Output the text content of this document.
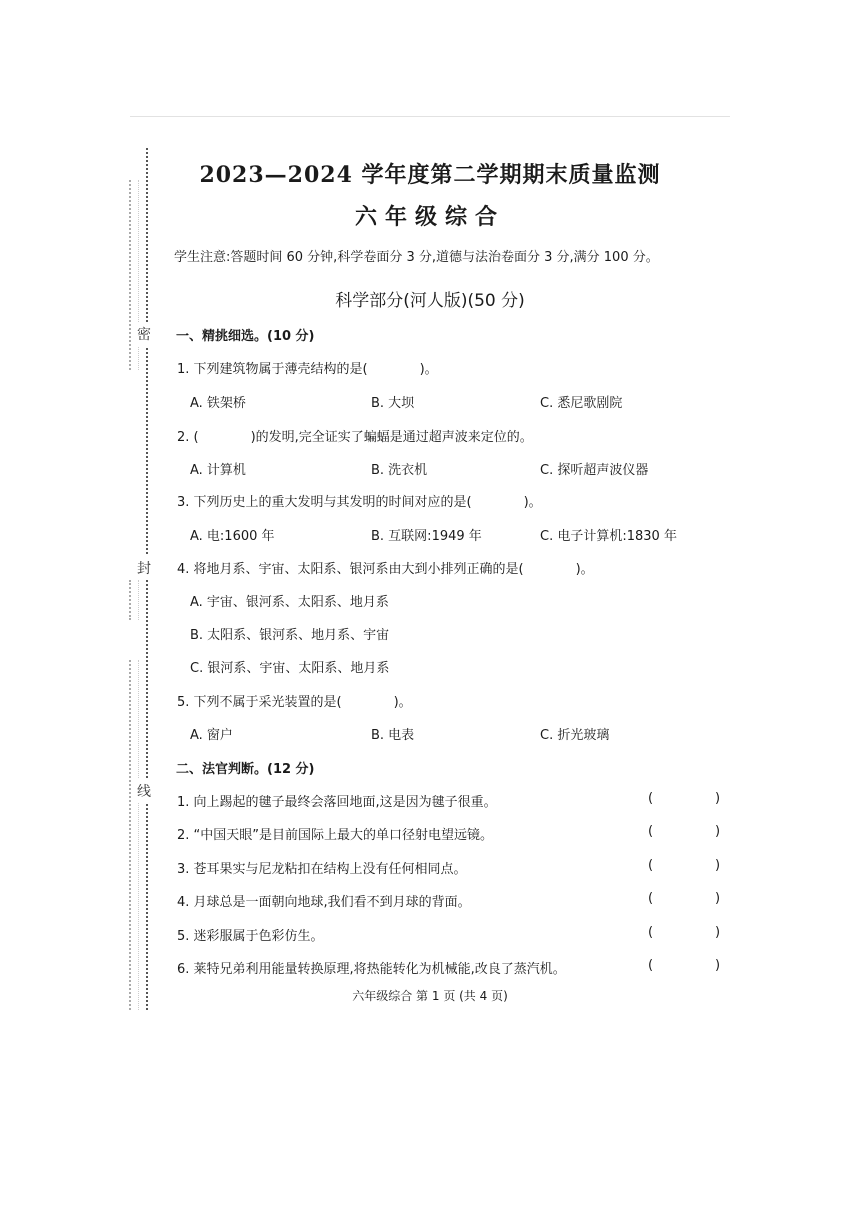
密
封
线
2023—2024 学年度第二学期期末质量监测
六年级综合
学生注意:答题时间 60 分钟,科学卷面分 3 分,道德与法治卷面分 3 分,满分 100 分。
科学部分(河人版)(50 分)
一、精挑细选。(10 分)
1. 下列建筑物属于薄壳结构的是(　　　　)。
A. 铁架桥	B. 大坝	C. 悉尼歌剧院
2. (　　　　)的发明,完全证实了蝙蝠是通过超声波来定位的。
A. 计算机	B. 洗衣机	C. 探听超声波仪器
3. 下列历史上的重大发明与其发明的时间对应的是(　　　　)。
A. 电:1600 年	B. 互联网:1949 年	C. 电子计算机:1830 年
4. 将地月系、宇宙、太阳系、银河系由大到小排列正确的是(　　　　)。
A. 宇宙、银河系、太阳系、地月系
B. 太阳系、银河系、地月系、宇宙
C. 银河系、宇宙、太阳系、地月系
5. 下列不属于采光装置的是(　　　　)。
A. 窗户	B. 电表	C. 折光玻璃
二、法官判断。(12 分)
1. 向上踢起的毽子最终会落回地面,这是因为毽子很重。	(	)
2. “中国天眼”是目前国际上最大的单口径射电望远镜。	(	)
3. 苍耳果实与尼龙粘扣在结构上没有任何相同点。	(	)
4. 月球总是一面朝向地球,我们看不到月球的背面。	(	)
5. 迷彩服属于色彩仿生。	(	)
6. 莱特兄弟利用能量转换原理,将热能转化为机械能,改良了蒸汽机。	(	)
六年级综合 第 1 页 (共 4 页)
